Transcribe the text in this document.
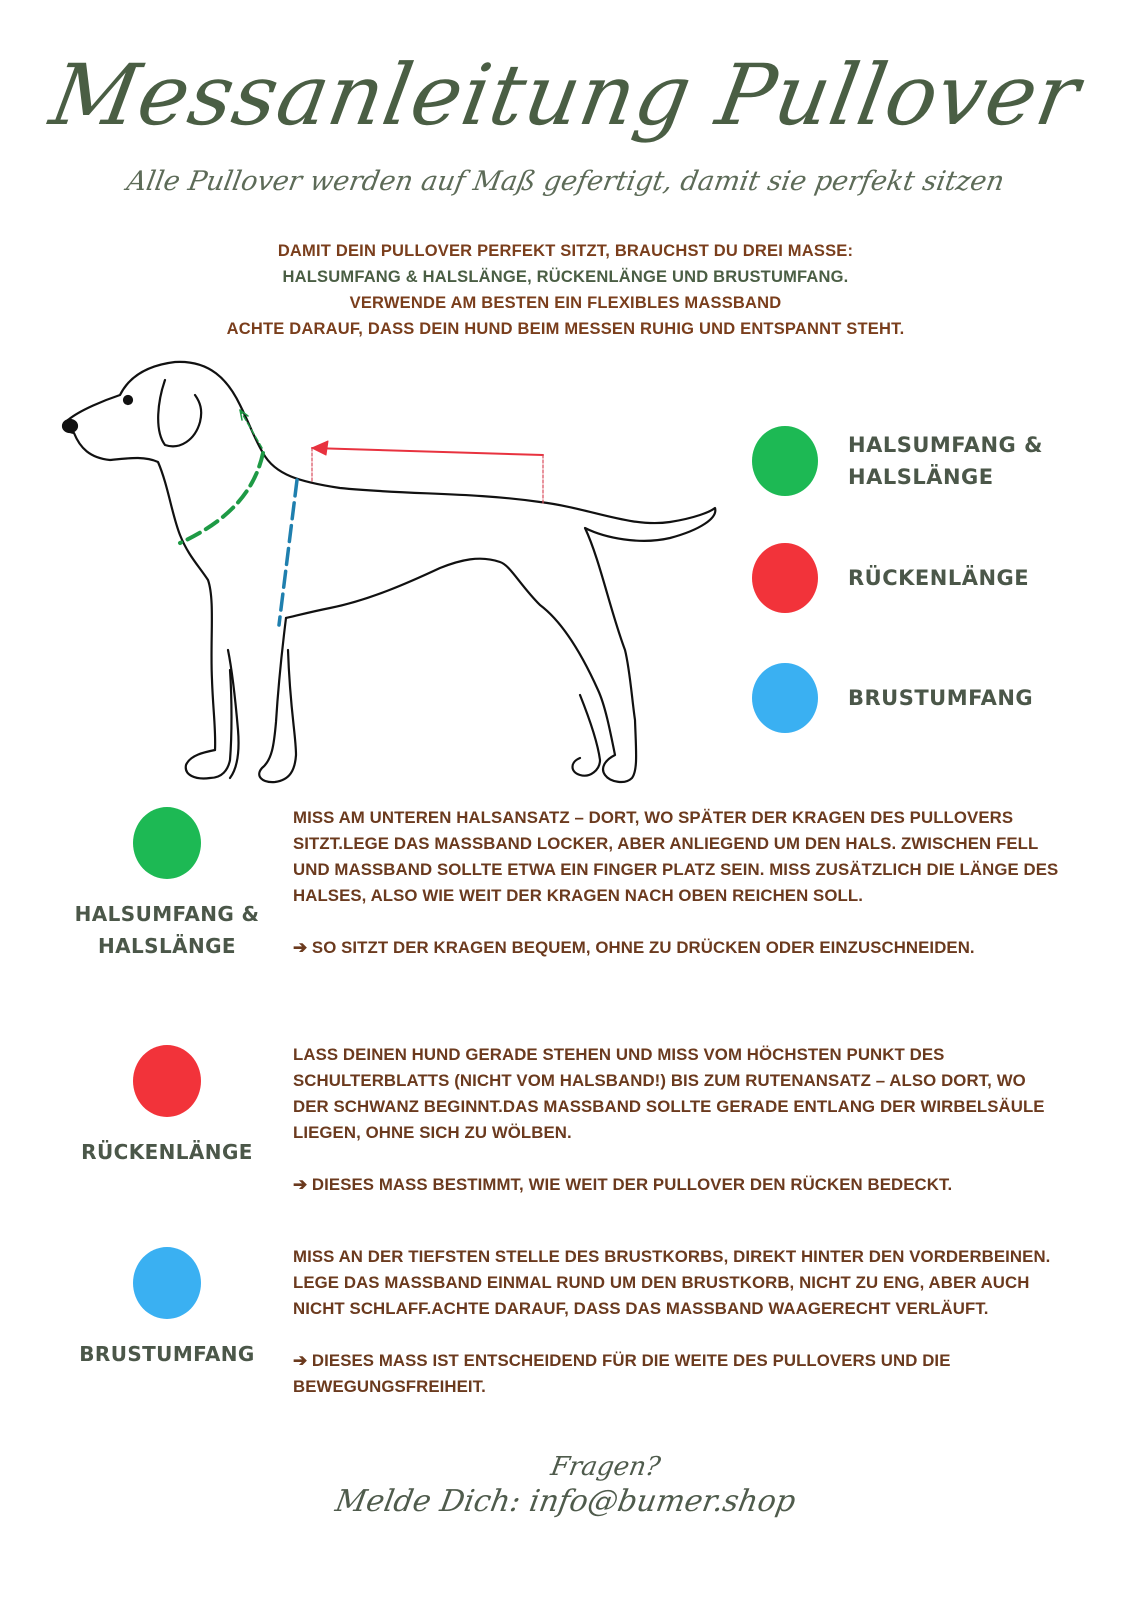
Messanleitung Pullover
Alle Pullover werden auf Maß gefertigt, damit sie perfekt sitzen
DAMIT DEIN PULLOVER PERFEKT SITZT, BRAUCHST DU DREI MASSE:
HALSUMFANG & HALSLÄNGE, RÜCKENLÄNGE UND BRUSTUMFANG.
VERWENDE AM BESTEN EIN FLEXIBLES MASSBAND
ACHTE DARAUF, DASS DEIN HUND BEIM MESSEN RUHIG UND ENTSPANNT STEHT.
HALSUMFANG &
HALSLÄNGE
RÜCKENLÄNGE
BRUSTUMFANG
HALSUMFANG &
HALSLÄNGE

MISS AM UNTEREN HALSANSATZ – DORT, WO SPÄTER DER KRAGEN DES PULLOVERS SITZT.LEGE DAS MASSBAND LOCKER, ABER ANLIEGEND UM DEN HALS. ZWISCHEN FELL UND MASSBAND SOLLTE ETWA EIN FINGER PLATZ SEIN. MISS ZUSÄTZLICH DIE LÄNGE DES HALSES, ALSO WIE WEIT DER KRAGEN NACH OBEN REICHEN SOLL.

➔ SO SITZT DER KRAGEN BEQUEM, OHNE ZU DRÜCKEN ODER EINZUSCHNEIDEN.

RÜCKENLÄNGE

LASS DEINEN HUND GERADE STEHEN UND MISS VOM HÖCHSTEN PUNKT DES SCHULTERBLATTS (NICHT VOM HALSBAND!) BIS ZUM RUTENANSATZ – ALSO DORT, WO DER SCHWANZ BEGINNT.DAS MASSBAND SOLLTE GERADE ENTLANG DER WIRBELSÄULE LIEGEN, OHNE SICH ZU WÖLBEN.

➔ DIESES MASS BESTIMMT, WIE WEIT DER PULLOVER DEN RÜCKEN BEDECKT.

BRUSTUMFANG

MISS AN DER TIEFSTEN STELLE DES BRUSTKORBS, DIREKT HINTER DEN VORDERBEINEN. LEGE DAS MASSBAND EINMAL RUND UM DEN BRUSTKORB, NICHT ZU ENG, ABER AUCH NICHT SCHLAFF.ACHTE DARAUF, DASS DAS MASSBAND WAAGERECHT VERLÄUFT.

➔ DIESES MASS IST ENTSCHEIDEND FÜR DIE WEITE DES PULLOVERS UND DIE BEWEGUNGSFREIHEIT.

Fragen?
Melde Dich: info@bumer.shop
